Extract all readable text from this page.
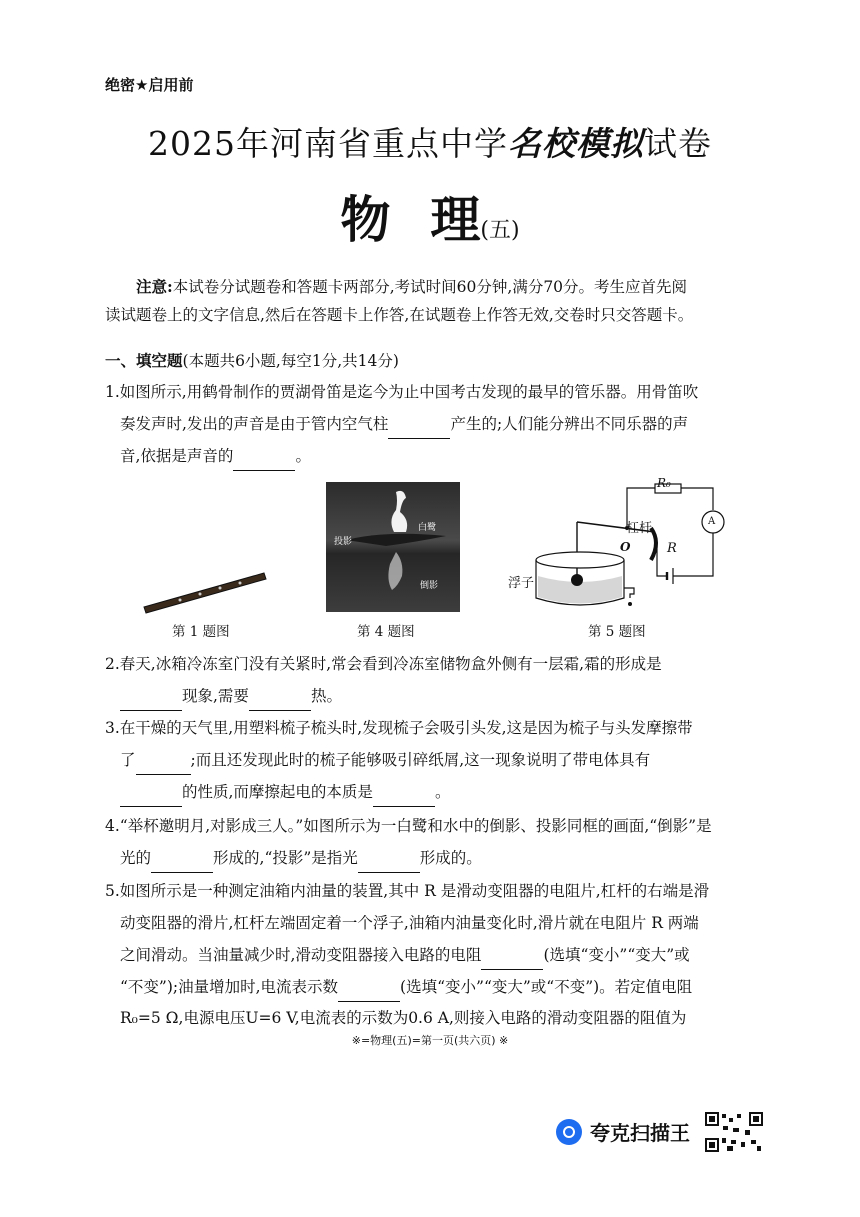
绝密★启用前
2025年河南省重点中学名校模拟试卷
物 理(五)
注意:本试卷分试题卷和答题卡两部分,考试时间60分钟,满分70分。考生应首先阅
读试题卷上的文字信息,然后在答题卡上作答,在试题卷上作答无效,交卷时只交答题卡。
一、填空题(本题共6小题,每空1分,共14分)
1.如图所示,用鹤骨制作的贾湖骨笛是迄今为止中国考古发现的最早的管乐器。用骨笛吹
奏发声时,发出的声音是由于管内空气柱	产生的;人们能分辨出不同乐器的声
音,依据是声音的	。
第 1 题图
白鹭
投影
倒影
第 4 题图
R₀
A
杠杆
O	R
浮子
第 5 题图
2.春天,冰箱冷冻室门没有关紧时,常会看到冷冻室储物盒外侧有一层霜,霜的形成是
现象,需要	热。
3.在干燥的天气里,用塑料梳子梳头时,发现梳子会吸引头发,这是因为梳子与头发摩擦带
了	;而且还发现此时的梳子能够吸引碎纸屑,这一现象说明了带电体具有
的性质,而摩擦起电的本质是	。
4.“举杯邀明月,对影成三人。”如图所示为一白鹭和水中的倒影、投影同框的画面,“倒影”是
光的	形成的,“投影”是指光	形成的。
5.如图所示是一种测定油箱内油量的装置,其中 R 是滑动变阻器的电阻片,杠杆的右端是滑
动变阻器的滑片,杠杆左端固定着一个浮子,油箱内油量变化时,滑片就在电阻片 R 两端
之间滑动。当油量减少时,滑动变阻器接入电路的电阻	(选填“变小”“变大”或
“不变”);油量增加时,电流表示数	(选填“变小”“变大”或“不变”)。若定值电阻
R₀=5 Ω,电源电压U=6 V,电流表的示数为0.6 A,则接入电路的滑动变阻器的阻值为
※=物理(五)=第一页(共六页) ※
夸克扫描王
